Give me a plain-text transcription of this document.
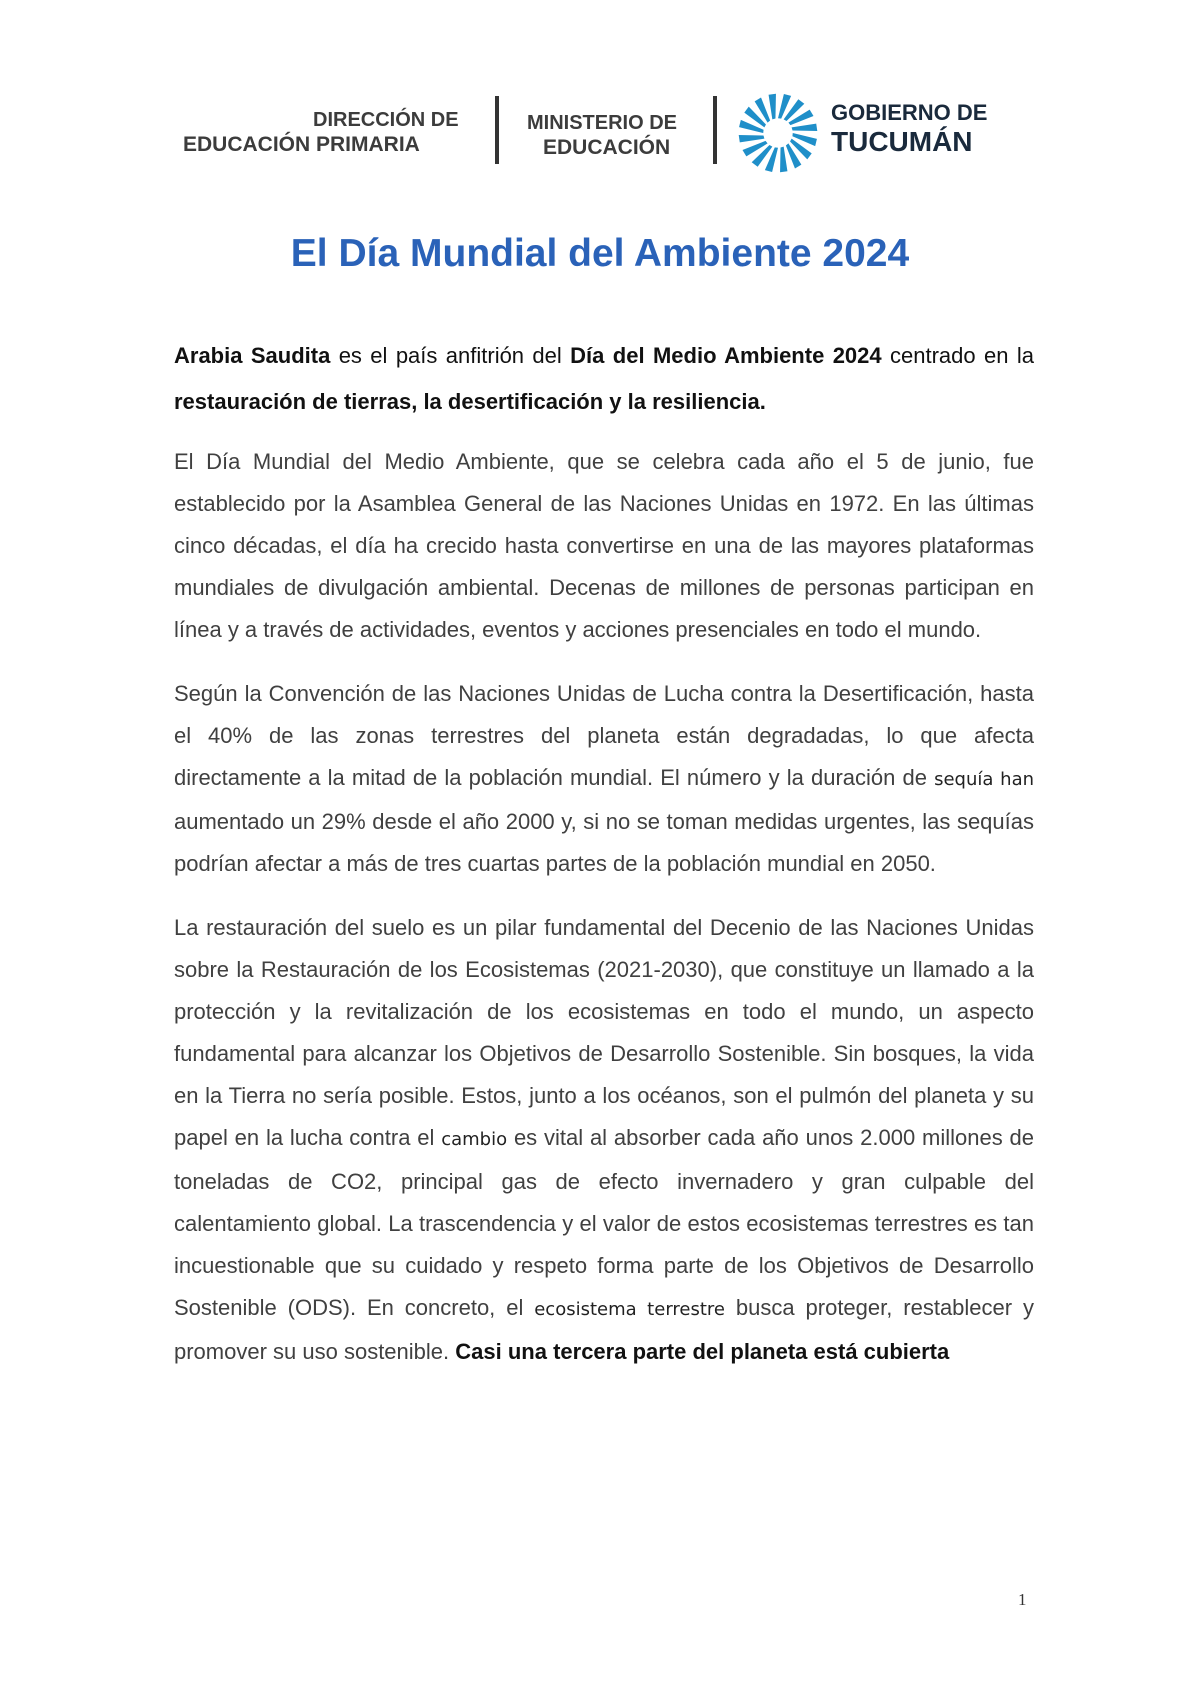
DIRECCIÓN DE
EDUCACIÓN PRIMARIA
MINISTERIO DE
EDUCACIÓN
GOBIERNO DE
TUCUMÁN
El Día Mundial del Ambiente 2024

Arabia Saudita es el país anfitrión del Día del Medio Ambiente 2024 centrado en la restauración de tierras, la desertificación y la resiliencia.

El Día Mundial del Medio Ambiente, que se celebra cada año el 5 de junio, fue establecido por la Asamblea General de las Naciones Unidas en 1972. En las últimas cinco décadas, el día ha crecido hasta convertirse en una de las mayores plataformas mundiales de divulgación ambiental. Decenas de millones de personas participan en línea y a través de actividades, eventos y acciones presenciales en todo el mundo.

Según la Convención de las Naciones Unidas de Lucha contra la Desertificación, hasta el 40% de las zonas terrestres del planeta están degradadas, lo que afecta directamente a la mitad de la población mundial. El número y la duración de sequía han aumentado un 29% desde el año 2000 y, si no se toman medidas urgentes, las sequías podrían afectar a más de tres cuartas partes de la población mundial en 2050.

La restauración del suelo es un pilar fundamental del Decenio de las Naciones Unidas sobre la Restauración de los Ecosistemas (2021-2030), que constituye un llamado a la protección y la revitalización de los ecosistemas en todo el mundo, un aspecto fundamental para alcanzar los Objetivos de Desarrollo Sostenible. Sin bosques, la vida en la Tierra no sería posible. Estos, junto a los océanos, son el pulmón del planeta y su papel en la lucha contra el cambio es vital al absorber cada año unos 2.000 millones de toneladas de CO2, principal gas de efecto invernadero y gran culpable del calentamiento global. La trascendencia y el valor de estos ecosistemas terrestres es tan incuestionable que su cuidado y respeto forma parte de los Objetivos de Desarrollo Sostenible (ODS). En concreto, el ecosistema terrestre busca proteger, restablecer y promover su uso sostenible. Casi una tercera parte del planeta está cubierta

1
